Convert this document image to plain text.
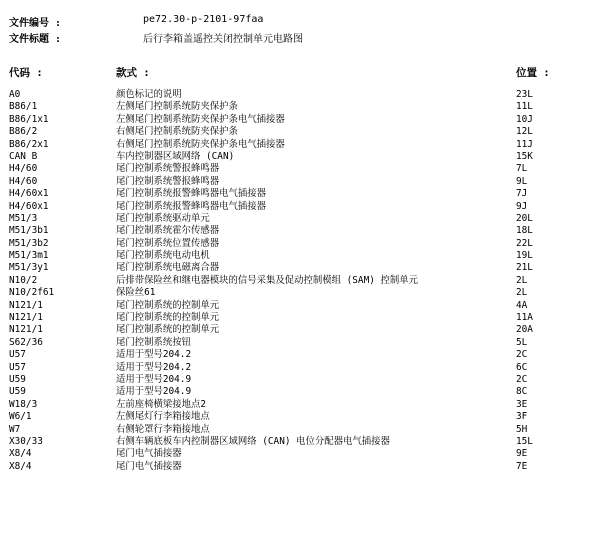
文件编号 :	pe72.30-p-2101-97faa
文件标题 :	后行李箱盖遥控关闭控制单元电路图
代码 :	款式 :	位置 :
A0	颜色标记的说明	23L
B86/1	左侧尾门控制系统防夹保护条	11L
B86/1x1	左侧尾门控制系统防夹保护条电气插接器	10J
B86/2	右侧尾门控制系统防夹保护条	12L
B86/2x1	右侧尾门控制系统防夹保护条电气插接器	11J
CAN B	车内控制器区域网络 (CAN)	15K
H4/60	尾门控制系统警报蜂鸣器	7L
H4/60	尾门控制系统警报蜂鸣器	9L
H4/60x1	尾门控制系统报警蜂鸣器电气插接器	7J
H4/60x1	尾门控制系统报警蜂鸣器电气插接器	9J
M51/3	尾门控制系统驱动单元	20L
M51/3b1	尾门控制系统霍尔传感器	18L
M51/3b2	尾门控制系统位置传感器	22L
M51/3m1	尾门控制系统电动电机	19L
M51/3y1	尾门控制系统电磁离合器	21L
N10/2	后排带保险丝和继电器模块的信号采集及促动控制模组 (SAM) 控制单元	2L
N10/2f61	保险丝61	2L
N121/1	尾门控制系统的控制单元	4A
N121/1	尾门控制系统的控制单元	11A
N121/1	尾门控制系统的控制单元	20A
S62/36	尾门控制系统按钮	5L
U57	适用于型号204.2	2C
U57	适用于型号204.2	6C
U59	适用于型号204.9	2C
U59	适用于型号204.9	8C
W18/3	左前座椅横梁接地点2	3E
W6/1	左侧尾灯行李箱接地点	3F
W7	右侧轮罩行李箱接地点	5H
X30/33	右侧车辆底板车内控制器区域网络 (CAN) 电位分配器电气插接器	15L
X8/4	尾门电气插接器	9E
X8/4	尾门电气插接器	7E
